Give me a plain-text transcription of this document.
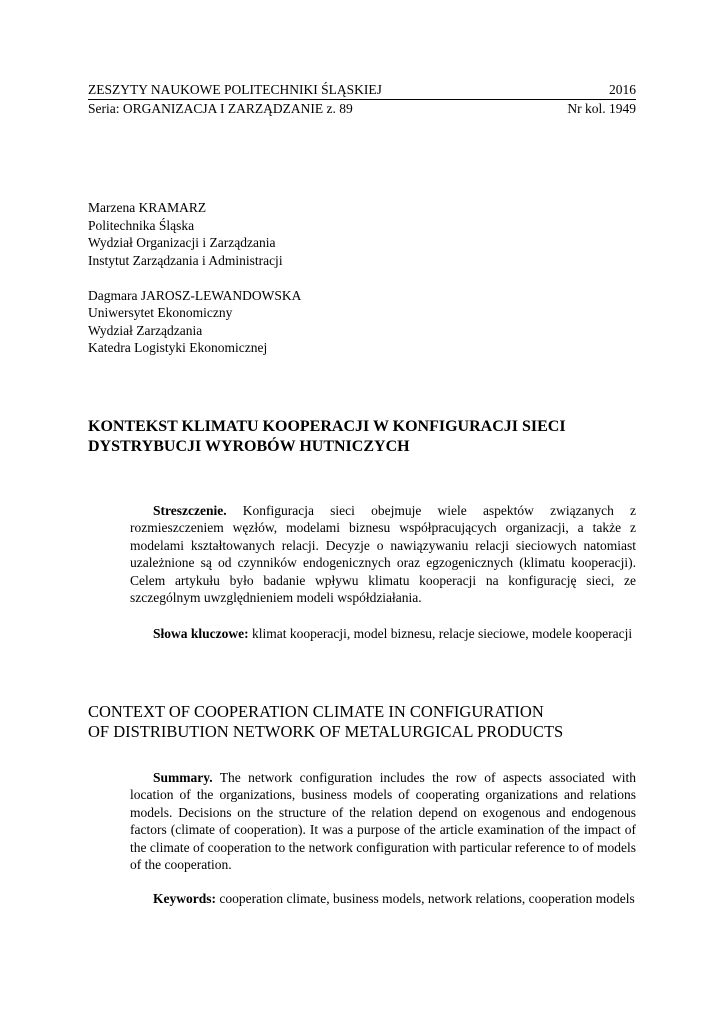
ZESZYTY NAUKOWE POLITECHNIKI ŚLĄSKIEJ	2016
Seria: ORGANIZACJA I ZARZĄDZANIE z. 89	Nr kol. 1949
Marzena KRAMARZ
Politechnika Śląska
Wydział Organizacji i Zarządzania
Instytut Zarządzania i Administracji
Dagmara JAROSZ-LEWANDOWSKA
Uniwersytet Ekonomiczny
Wydział Zarządzania
Katedra Logistyki Ekonomicznej
KONTEKST KLIMATU KOOPERACJI W KONFIGURACJI SIECI
DYSTRYBUCJI WYROBÓW HUTNICZYCH
Streszczenie. Konfiguracja sieci obejmuje wiele aspektów związanych z rozmieszczeniem węzłów, modelami biznesu współpracujących organizacji, a także z modelami kształtowanych relacji. Decyzje o nawiązywaniu relacji sieciowych natomiast uzależnione są od czynników endogenicznych oraz egzogenicznych (klimatu kooperacji). Celem artykułu było badanie wpływu klimatu kooperacji na konfigurację sieci, ze szczególnym uwzględnieniem modeli współdziałania.
Słowa kluczowe: klimat kooperacji, model biznesu, relacje sieciowe, modele kooperacji
CONTEXT OF COOPERATION CLIMATE IN CONFIGURATION
OF DISTRIBUTION NETWORK OF METALURGICAL PRODUCTS
Summary. The network configuration includes the row of aspects associated with location of the organizations, business models of cooperating organizations and relations models. Decisions on the structure of the relation depend on exogenous and endogenous factors (climate of cooperation). It was a purpose of the article examination of the impact of the climate of cooperation to the network configuration with particular reference to of models of the cooperation.
Keywords: cooperation climate, business models, network relations, cooperation models
